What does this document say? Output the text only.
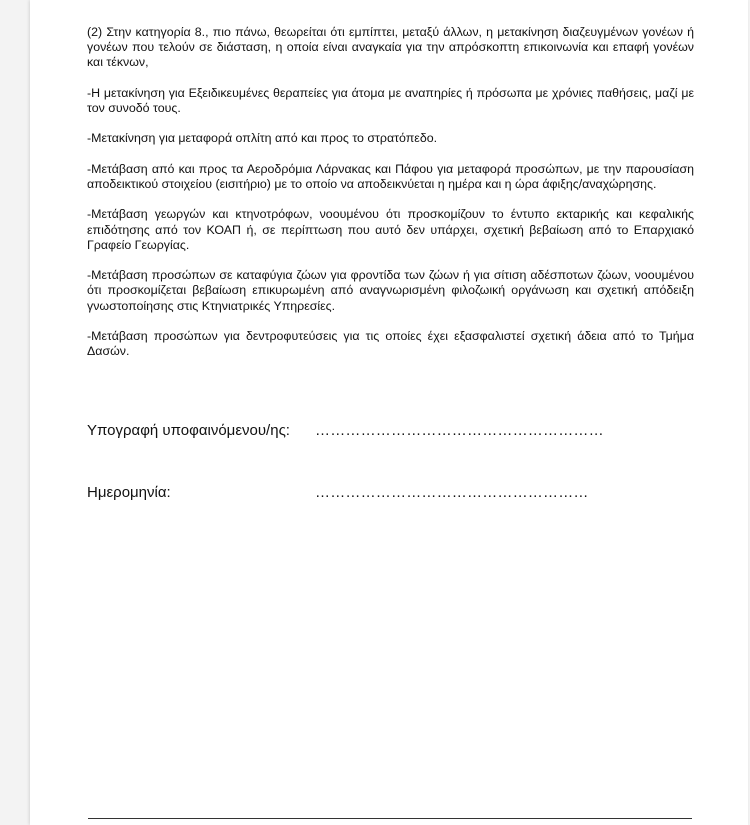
(2) Στην κατηγορία 8., πιο πάνω, θεωρείται ότι εμπίπτει, μεταξύ άλλων, η μετακίνηση διαζευγμένων γονέων ή γονέων που τελούν σε διάσταση, η οποία είναι αναγκαία για την απρόσκοπτη επικοινωνία και επαφή γονέων και τέκνων,

-Η μετακίνηση για Εξειδικευμένες θεραπείες για άτομα με αναπηρίες ή πρόσωπα με χρόνιες παθήσεις, μαζί με τον συνοδό τους.

-Μετακίνηση για μεταφορά οπλίτη από και προς το στρατόπεδο.

-Μετάβαση από και προς τα Αεροδρόμια Λάρνακας και Πάφου για μεταφορά προσώπων, με την παρουσίαση αποδεικτικού στοιχείου (εισιτήριο) με το οποίο να αποδεικνύεται η ημέρα και η ώρα άφιξης/αναχώρησης.

-Μετάβαση γεωργών και κτηνοτρόφων, νοουμένου ότι προσκομίζουν το έντυπο εκταρικής και κεφαλικής επιδότησης από τον ΚΟΑΠ ή, σε περίπτωση που αυτό δεν υπάρχει, σχετική βεβαίωση από το Επαρχιακό Γραφείο Γεωργίας.

-Μετάβαση προσώπων σε καταφύγια ζώων για φροντίδα των ζώων ή για σίτιση αδέσποτων ζώων, νοουμένου ότι προσκομίζεται βεβαίωση επικυρωμένη από αναγνωρισμένη φιλοζωική οργάνωση και σχετική απόδειξη γνωστοποίησης στις Κτηνιατρικές Υπηρεσίες.

-Μετάβαση προσώπων για δεντροφυτεύσεις για τις οποίες έχει εξασφαλιστεί σχετική άδεια από το Τμήμα Δασών.

Υπογραφή υποφαινόμενου/ης: …………………………………………………
Ημερομηνία:	………………………………………………
